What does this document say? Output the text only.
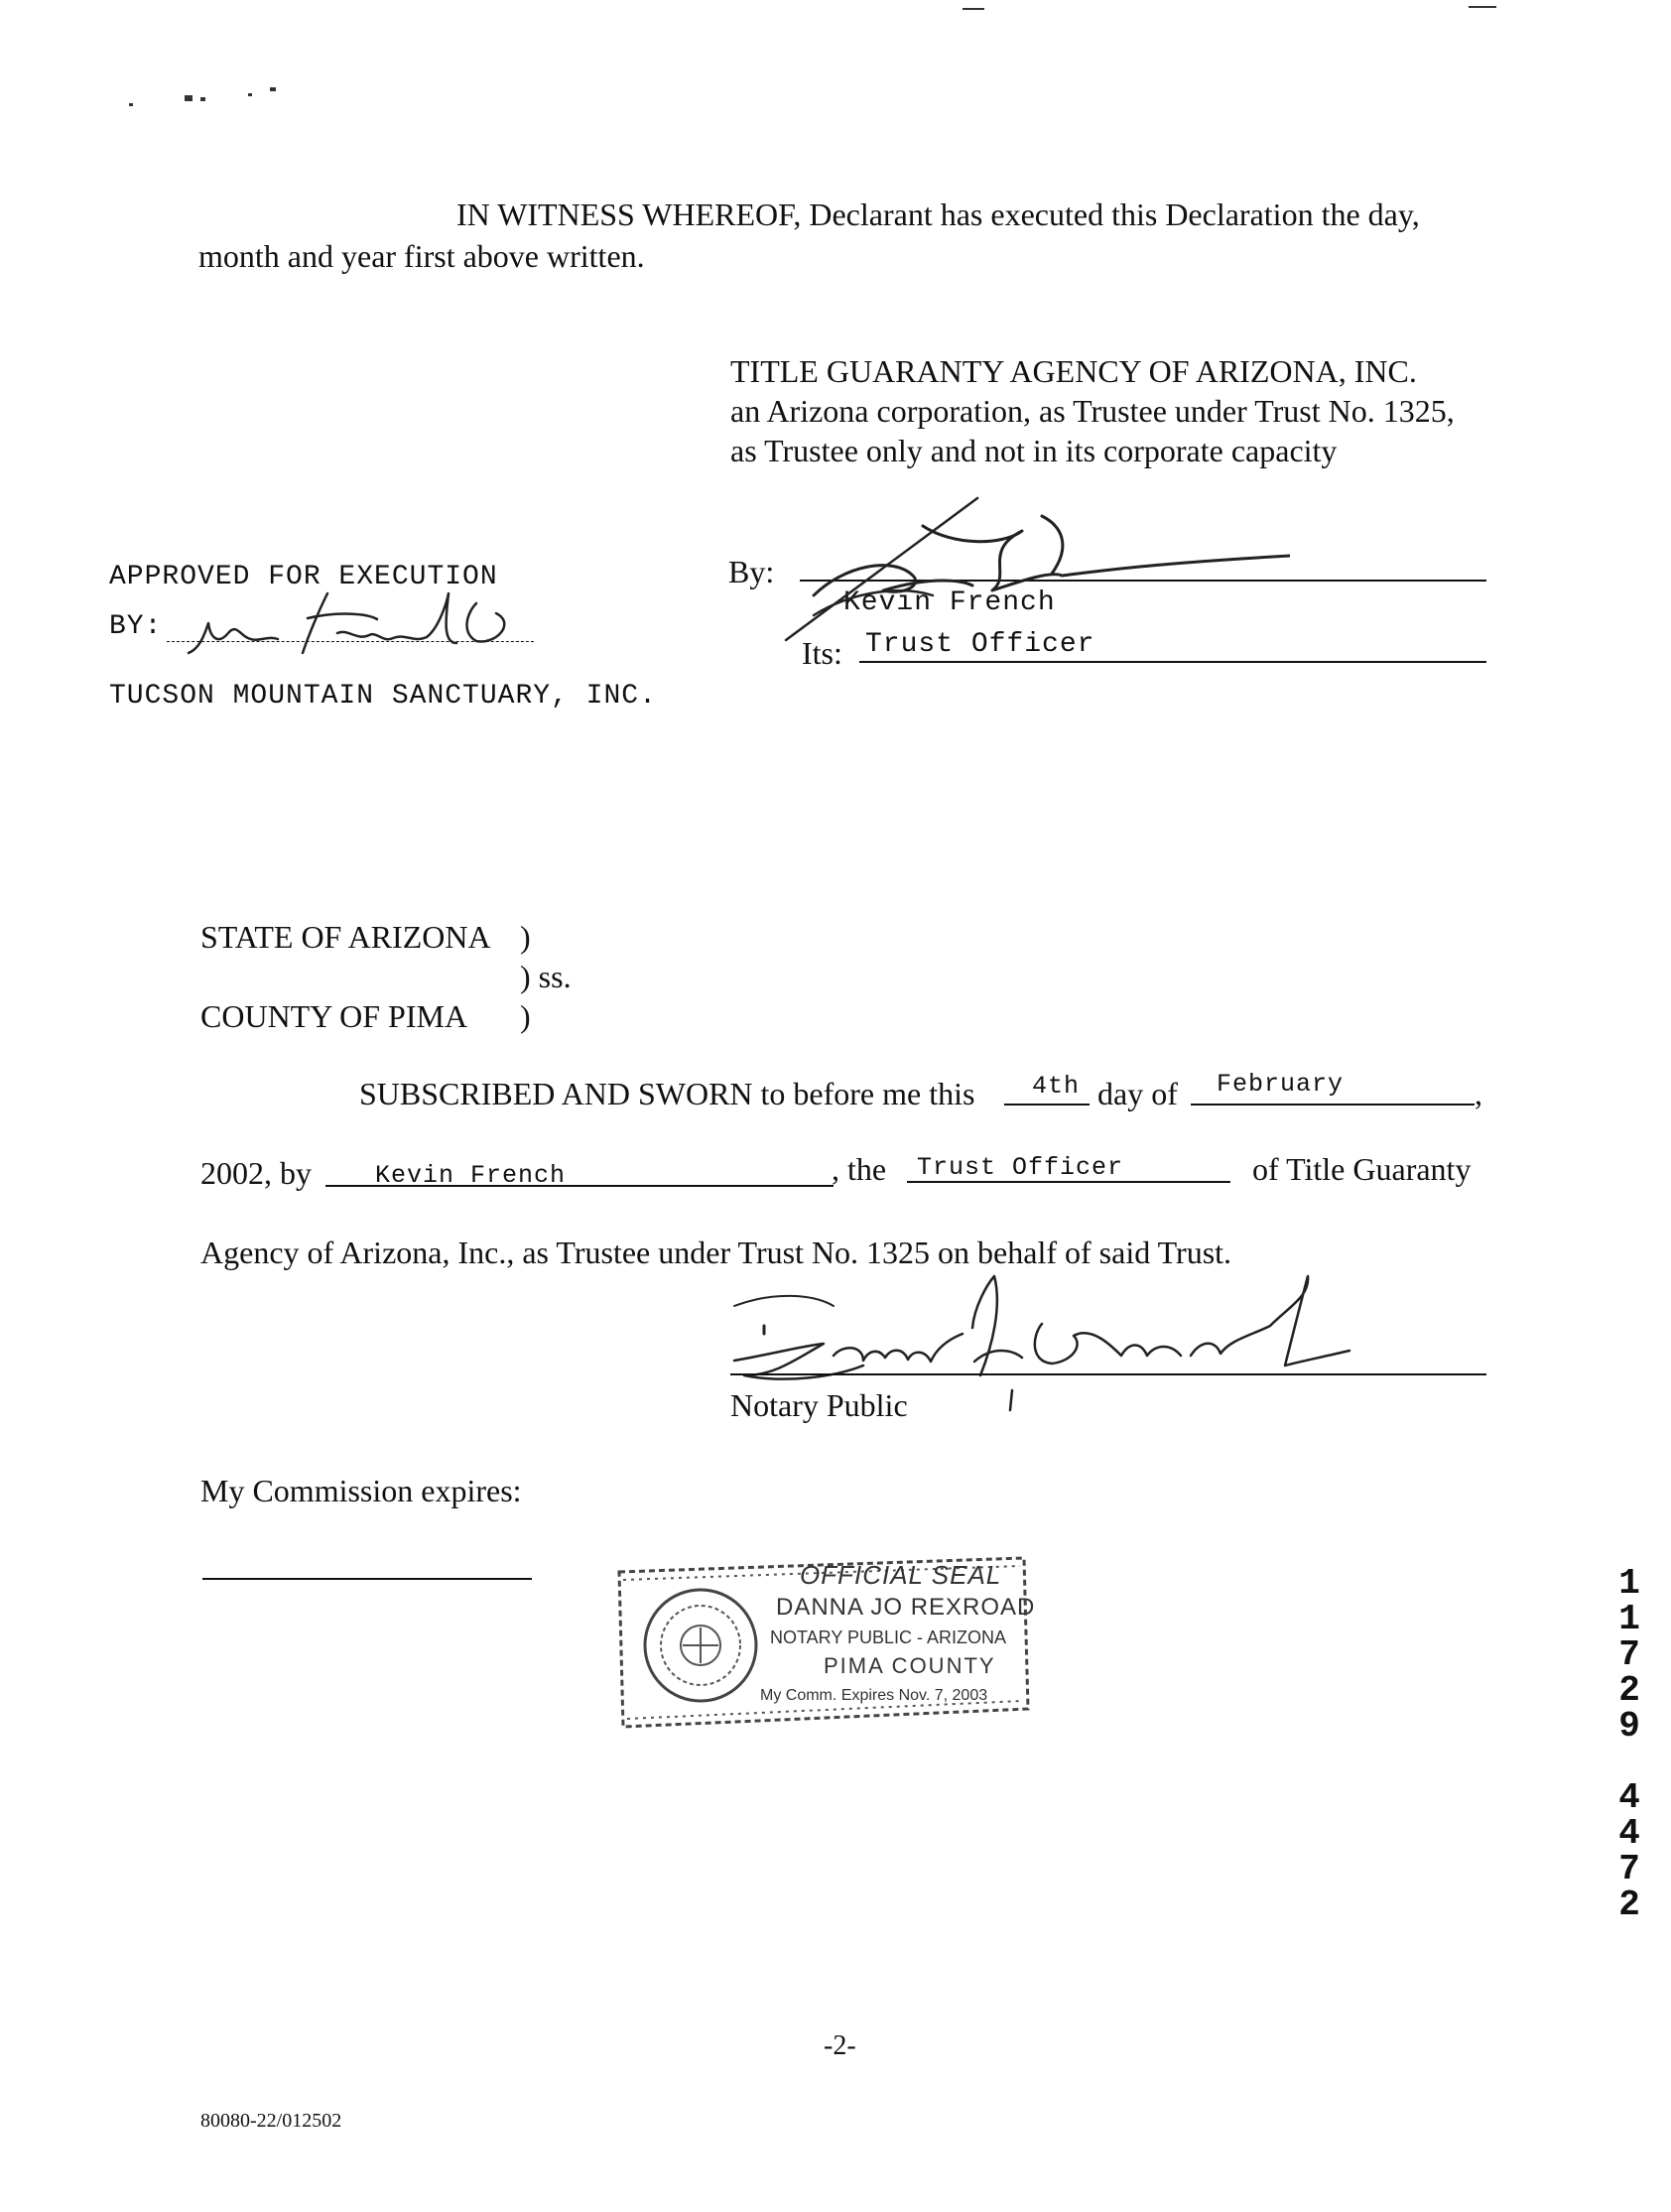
IN WITNESS WHEREOF, Declarant has executed this Declaration the day,
month and year first above written.
TITLE GUARANTY AGENCY OF ARIZONA, INC.
an Arizona corporation, as Trustee under Trust No. 1325,
as Trustee only and not in its corporate capacity
By:
Kevin French
Its: Trust Officer
APPROVED FOR EXECUTION
BY:
TUCSON MOUNTAIN SANCTUARY, INC.
STATE OF ARIZONA )
) ss.
COUNTY OF PIMA )
SUBSCRIBED AND SWORN to before me this 4th day of February	,
2002, by	Kevin French	, the Trust Officer	of Title Guaranty
Agency of Arizona, Inc., as Trustee under Trust No. 1325 on behalf of said Trust.
Notary Public
My Commission expires:
OFFICIAL SEAL
DANNA JO REXROAD
NOTARY PUBLIC - ARIZONA
PIMA COUNTY
My Comm. Expires Nov. 7, 2003
1
1
7
2
9
4
4
7
2
-2-
80080-22/012502
